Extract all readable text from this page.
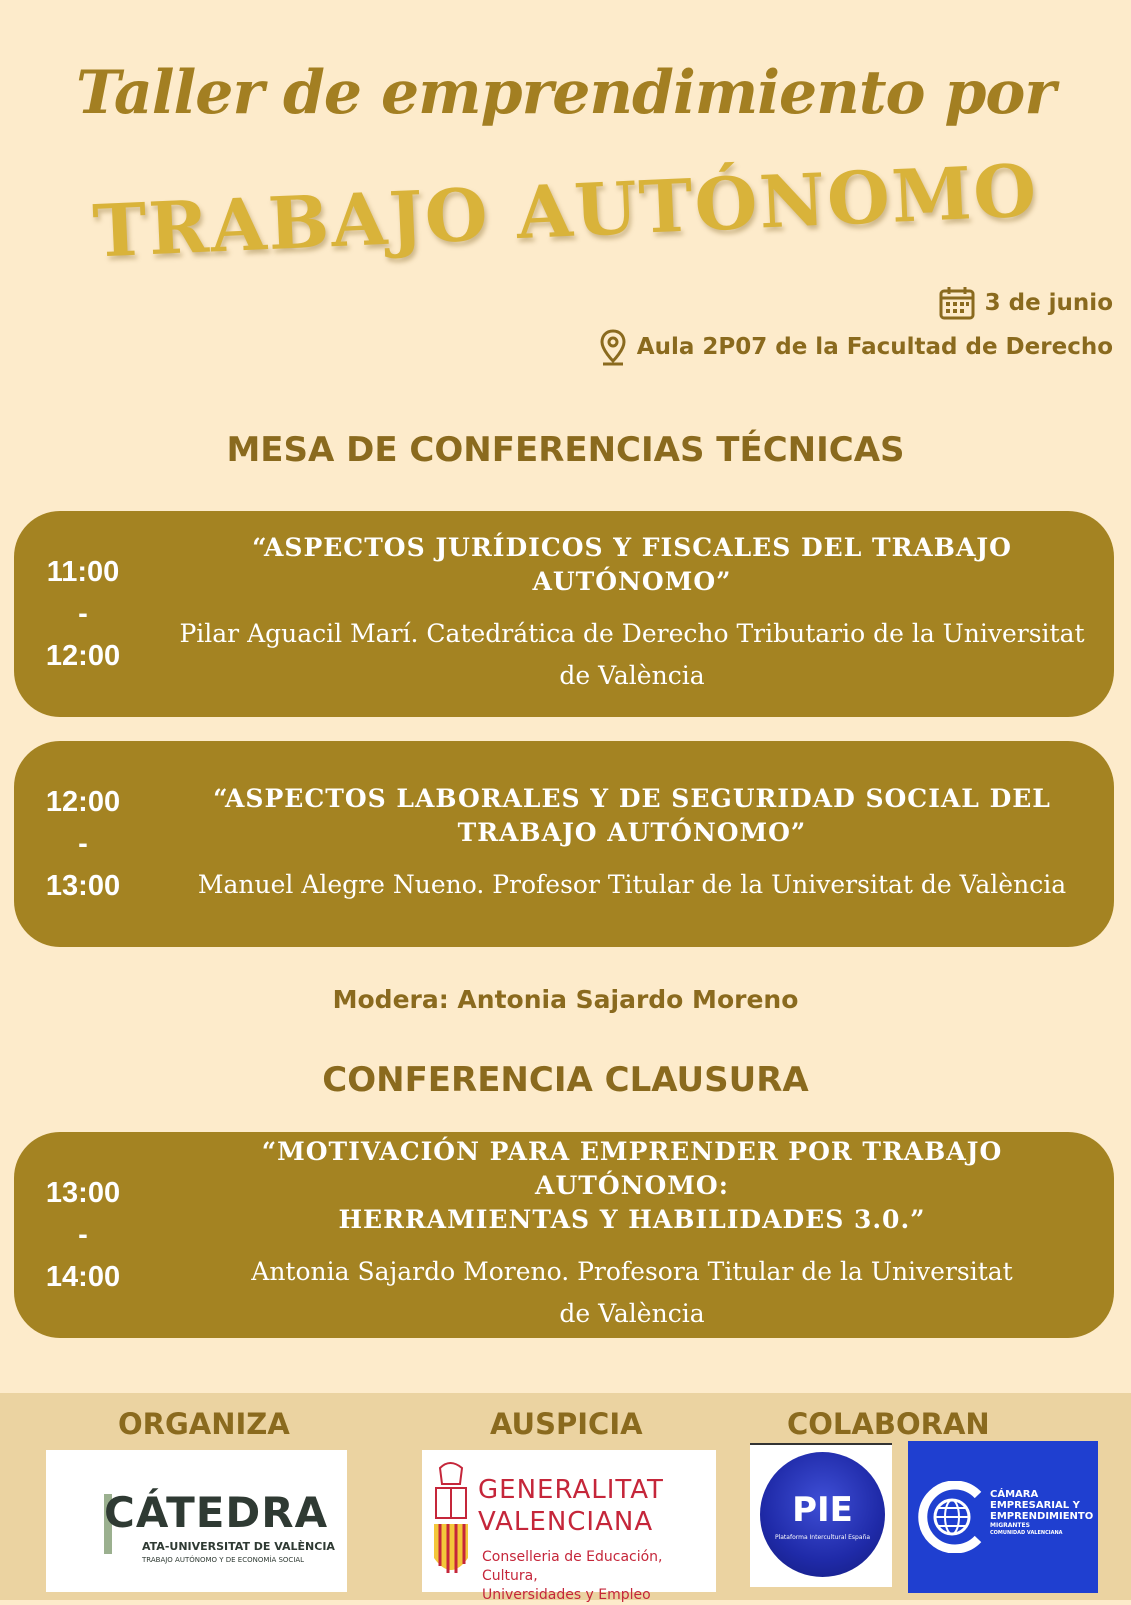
Taller de emprendimiento por
TRABAJO AUTÓNOMO
3 de junio
Aula 2P07 de la Facultad de Derecho
MESA DE CONFERENCIAS TÉCNICAS
11:00
-
12:00
“ASPECTOS JURÍDICOS Y FISCALES DEL TRABAJO AUTÓNOMO”
Pilar Aguacil Marí. Catedrática de Derecho Tributario de la Universitat
de València
12:00
-
13:00
“ASPECTOS LABORALES Y DE SEGURIDAD SOCIAL DEL
TRABAJO AUTÓNOMO”
Manuel Alegre Nueno. Profesor Titular de la Universitat de València
Modera: Antonia Sajardo Moreno
CONFERENCIA CLAUSURA
13:00
-
14:00
“MOTIVACIÓN PARA EMPRENDER POR TRABAJO AUTÓNOMO:
HERRAMIENTAS Y HABILIDADES 3.0.”
Antonia Sajardo Moreno. Profesora Titular de la Universitat
de València
ORGANIZA	AUSPICIA	COLABORAN
CÁTEDRA
ATA-UNIVERSITAT DE VALÈNCIA
TRABAJO AUTÓNOMO Y DE ECONOMÍA SOCIAL
GENERALITAT
VALENCIANA
Conselleria de Educación, Cultura,
Universidades y Empleo
PIE
Plataforma Intercultural España
CÁMARA
EMPRESARIAL Y
EMPRENDIMIENTO
MIGRANTES
COMUNIDAD VALENCIANA
